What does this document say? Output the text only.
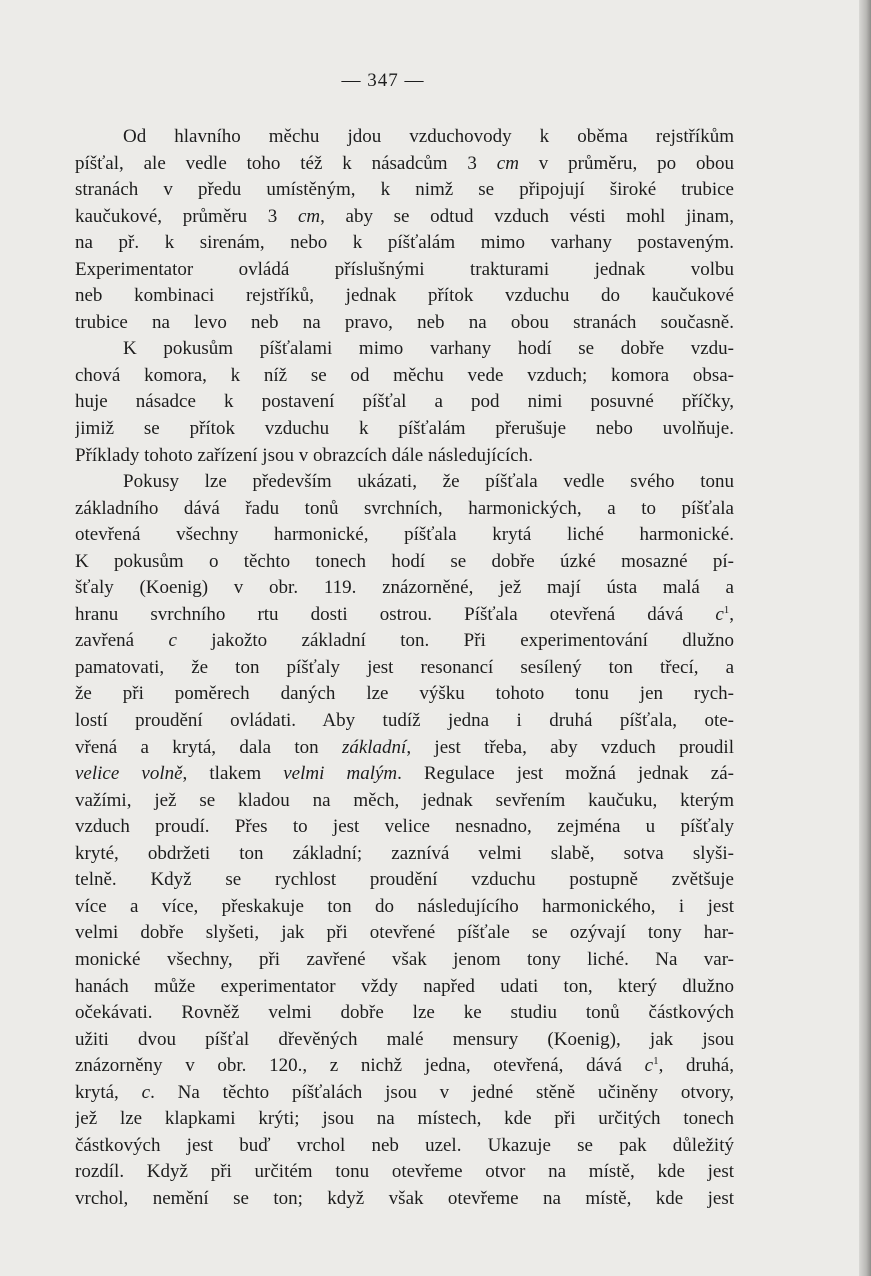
— 347 —
Od hlavního měchu jdou vzduchovody k oběma rejstříkům
píšťal, ale vedle toho též k násadcům 3 cm v průměru, po obou
stranách v předu umístěným, k nimž se připojují široké trubice
kaučukové, průměru 3 cm, aby se odtud vzduch vésti mohl jinam,
na př. k sirenám, nebo k píšťalám mimo varhany postaveným.
Experimentator ovládá příslušnými trakturami jednak volbu
neb kombinaci rejstříků, jednak přítok vzduchu do kaučukové
trubice na levo neb na pravo, neb na obou stranách současně.
K pokusům píšťalami mimo varhany hodí se dobře vzdu-
chová komora, k níž se od měchu vede vzduch; komora obsa-
huje násadce k postavení píšťal a pod nimi posuvné příčky,
jimiž se přítok vzduchu k píšťalám přerušuje nebo uvolňuje.
Příklady tohoto zařízení jsou v obrazcích dále následujících.
Pokusy lze především ukázati, že píšťala vedle svého tonu
základního dává řadu tonů svrchních, harmonických, a to píšťala
otevřená všechny harmonické, píšťala krytá liché harmonické.
K pokusům o těchto tonech hodí se dobře úzké mosazné pí-
šťaly (Koenig) v obr. 119. znázorněné, jež mají ústa malá a
hranu svrchního rtu dosti ostrou. Píšťala otevřená dává $c^1$,
zavřená c jakožto základní ton. Při experimentování dlužno
pamatovati, že ton píšťaly jest resonancí sesílený ton třecí, a
že při poměrech daných lze výšku tohoto tonu jen rych-
lostí proudění ovládati. Aby tudíž jedna i druhá píšťala, ote-
vřená a krytá, dala ton základní, jest třeba, aby vzduch proudil
velice volně, tlakem velmi malým. Regulace jest možná jednak zá-
važími, jež se kladou na měch, jednak sevřením kaučuku, kterým
vzduch proudí. Přes to jest velice nesnadno, zejména u píšťaly
kryté, obdržeti ton základní; zaznívá velmi slabě, sotva slyši-
telně. Když se rychlost proudění vzduchu postupně zvětšuje
více a více, přeskakuje ton do následujícího harmonického, i jest
velmi dobře slyšeti, jak při otevřené píšťale se ozývají tony har-
monické všechny, při zavřené však jenom tony liché. Na var-
hanách může experimentator vždy napřed udati ton, který dlužno
očekávati. Rovněž velmi dobře lze ke studiu tonů částkových
užiti dvou píšťal dřevěných malé mensury (Koenig), jak jsou
znázorněny v obr. 120., z nichž jedna, otevřená, dává $c^1$, druhá,
krytá, c. Na těchto píšťalách jsou v jedné stěně učiněny otvory,
jež lze klapkami krýti; jsou na místech, kde při určitých tonech
částkových jest buď vrchol neb uzel. Ukazuje se pak důležitý
rozdíl. Když při určitém tonu otevřeme otvor na místě, kde jest
vrchol, nemění se ton; když však otevřeme na místě, kde jest
